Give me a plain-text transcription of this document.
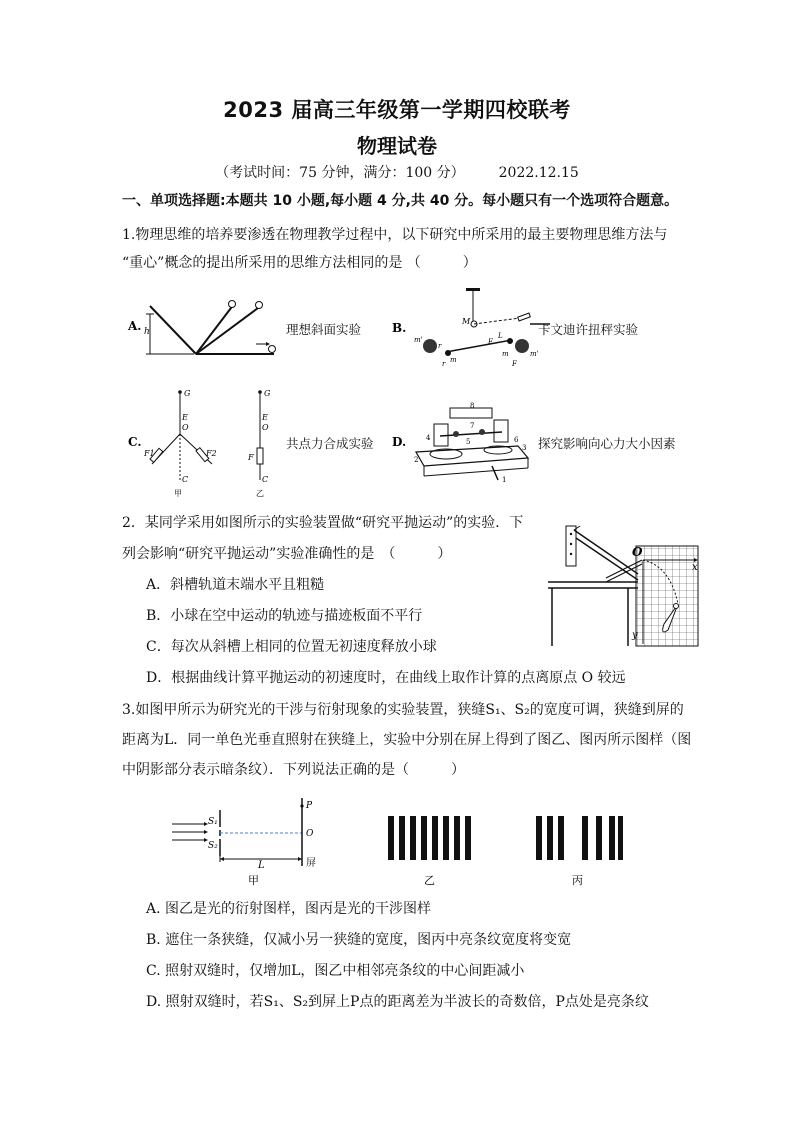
2023 届高三年级第一学期四校联考
物理试卷
（考试时间：75 分钟，满分：100 分） 2022.12.15
一、单项选择题:本题共 10 小题,每小题 4 分,共 40 分。每小题只有一个选项符合题意。
1.物理思维的培养要渗透在物理教学过程中，以下研究中所采用的最主要物理思维方法与
“重心”概念的提出所采用的思维方法相同的是 （　　　）
A. h	理想斜面实验	B.	M
m'
m
r
r
L
m	m'
F
F
卡文迪许扭秤实验
C.
G
E
O
F1	F2
C
甲
G
E
O
F
C
乙
共点力合成实验 D.
8
7
4	5	6
1
2
3 探究影响向心力大小因素
2．某同学采用如图所示的实验装置做“研究平抛运动”的实验．下
列会影响“研究平抛运动”实验准确性的是　（　　　）
A．斜槽轨道末端水平且粗糙
B．小球在空中运动的轨迹与描迹板面不平行
C．每次从斜槽上相同的位置无初速度释放小球
D．根据曲线计算平抛运动的初速度时，在曲线上取作计算的点离原点 O 较远
O
x
y
3.如图甲所示为研究光的干涉与衍射现象的实验装置，狭缝S₁、S₂的宽度可调，狭缝到屏的
距离为L．同一单色光垂直照射在狭缝上，实验中分别在屏上得到了图乙、图丙所示图样（图
中阴影部分表示暗条纹）．下列说法正确的是（　　　）
S₁
S₂
P
O
屏
L
甲	乙	丙
A. 图乙是光的衍射图样，图丙是光的干涉图样
B. 遮住一条狭缝，仅减小另一狭缝的宽度，图丙中亮条纹宽度将变宽
C. 照射双缝时，仅增加L，图乙中相邻亮条纹的中心间距减小
D. 照射双缝时，若S₁、S₂到屏上P点的距离差为半波长的奇数倍，P点处是亮条纹
